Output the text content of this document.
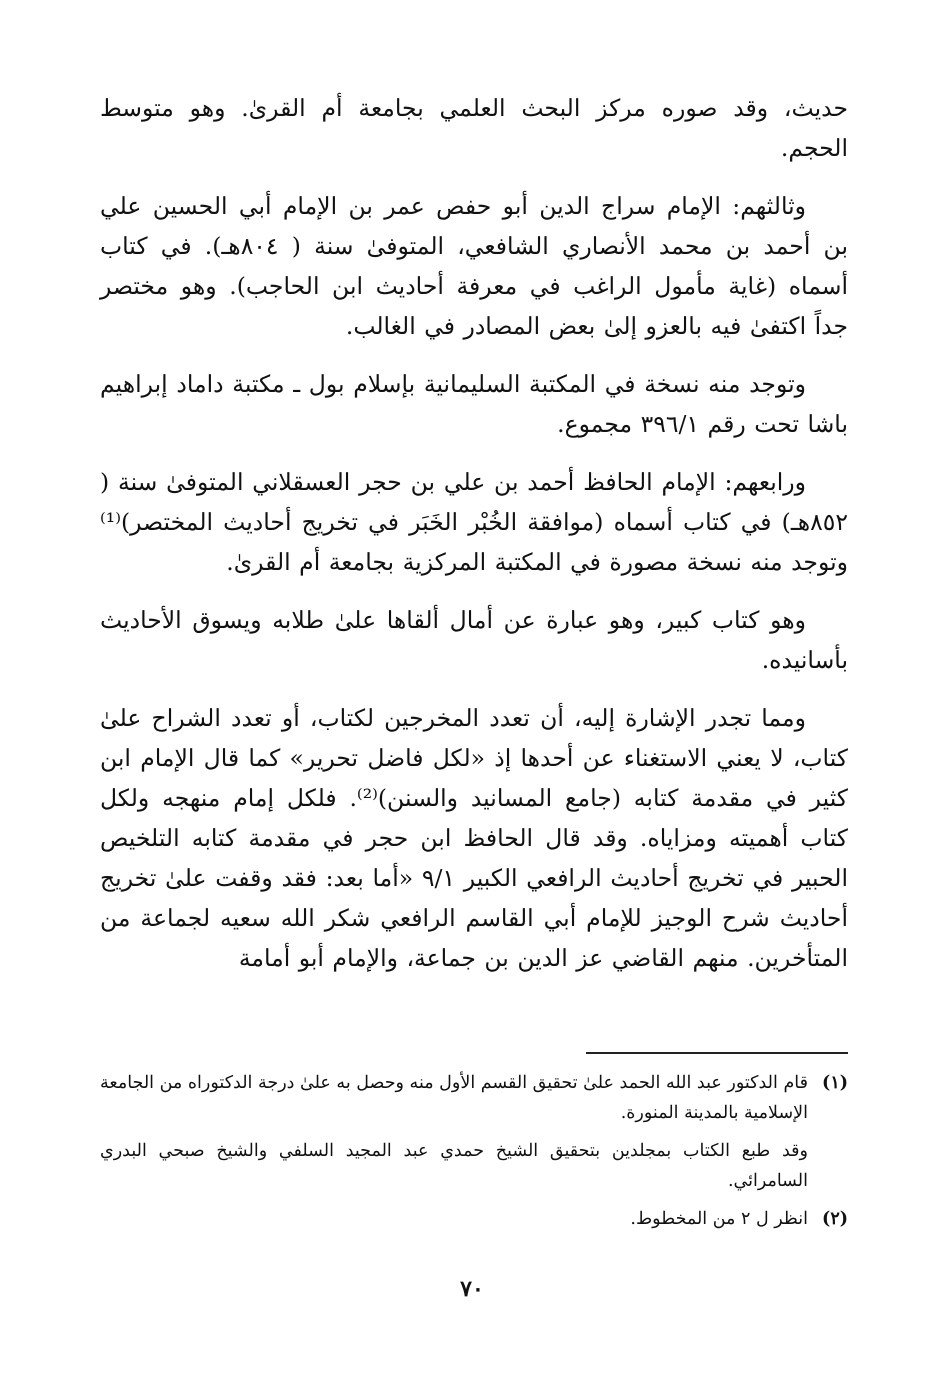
حديث، وقد صوره مركز البحث العلمي بجامعة أم القرىٰ. وهو متوسط الحجم.

وثالثهم: الإمام سراج الدين أبو حفص عمر بن الإمام أبي الحسين علي بن أحمد بن محمد الأنصاري الشافعي، المتوفىٰ سنة ( ٨٠٤هـ). في كتاب أسماه (غاية مأمول الراغب في معرفة أحاديث ابن الحاجب). وهو مختصر جداً اكتفىٰ فيه بالعزو إلىٰ بعض المصادر في الغالب.

وتوجد منه نسخة في المكتبة السليمانية بإسلام بول ـ مكتبة داماد إبراهيم باشا تحت رقم ٣٩٦/١ مجموع.

ورابعهم: الإمام الحافظ أحمد بن علي بن حجر العسقلاني المتوفىٰ سنة ( ٨٥٢هـ) في كتاب أسماه (موافقة الخُبْر الخَبَر في تخريج أحاديث المختصر)⁽¹⁾ وتوجد منه نسخة مصورة في المكتبة المركزية بجامعة أم القرىٰ.

وهو كتاب كبير، وهو عبارة عن أمال ألقاها علىٰ طلابه ويسوق الأحاديث بأسانيده.

ومما تجدر الإشارة إليه، أن تعدد المخرجين لكتاب، أو تعدد الشراح علىٰ كتاب، لا يعني الاستغناء عن أحدها إذ «لكل فاضل تحرير» كما قال الإمام ابن كثير في مقدمة كتابه (جامع المسانيد والسنن)⁽²⁾. فلكل إمام منهجه ولكل كتاب أهميته ومزاياه. وقد قال الحافظ ابن حجر في مقدمة كتابه التلخيص الحبير في تخريج أحاديث الرافعي الكبير ٩/١ «أما بعد: فقد وقفت علىٰ تخريج أحاديث شرح الوجيز للإمام أبي القاسم الرافعي شكر الله سعيه لجماعة من المتأخرين. منهم القاضي عز الدين بن جماعة، والإمام أبو أمامة

(١)
قام الدكتور عبد الله الحمد علىٰ تحقيق القسم الأول منه وحصل به علىٰ درجة الدكتوراه من الجامعة الإسلامية بالمدينة المنورة.

وقد طبع الكتاب بمجلدين بتحقيق الشيخ حمدي عبد المجيد السلفي والشيخ صبحي البدري السامرائي.

(٢)
انظر ل ٢ من المخطوط.
٧٠
